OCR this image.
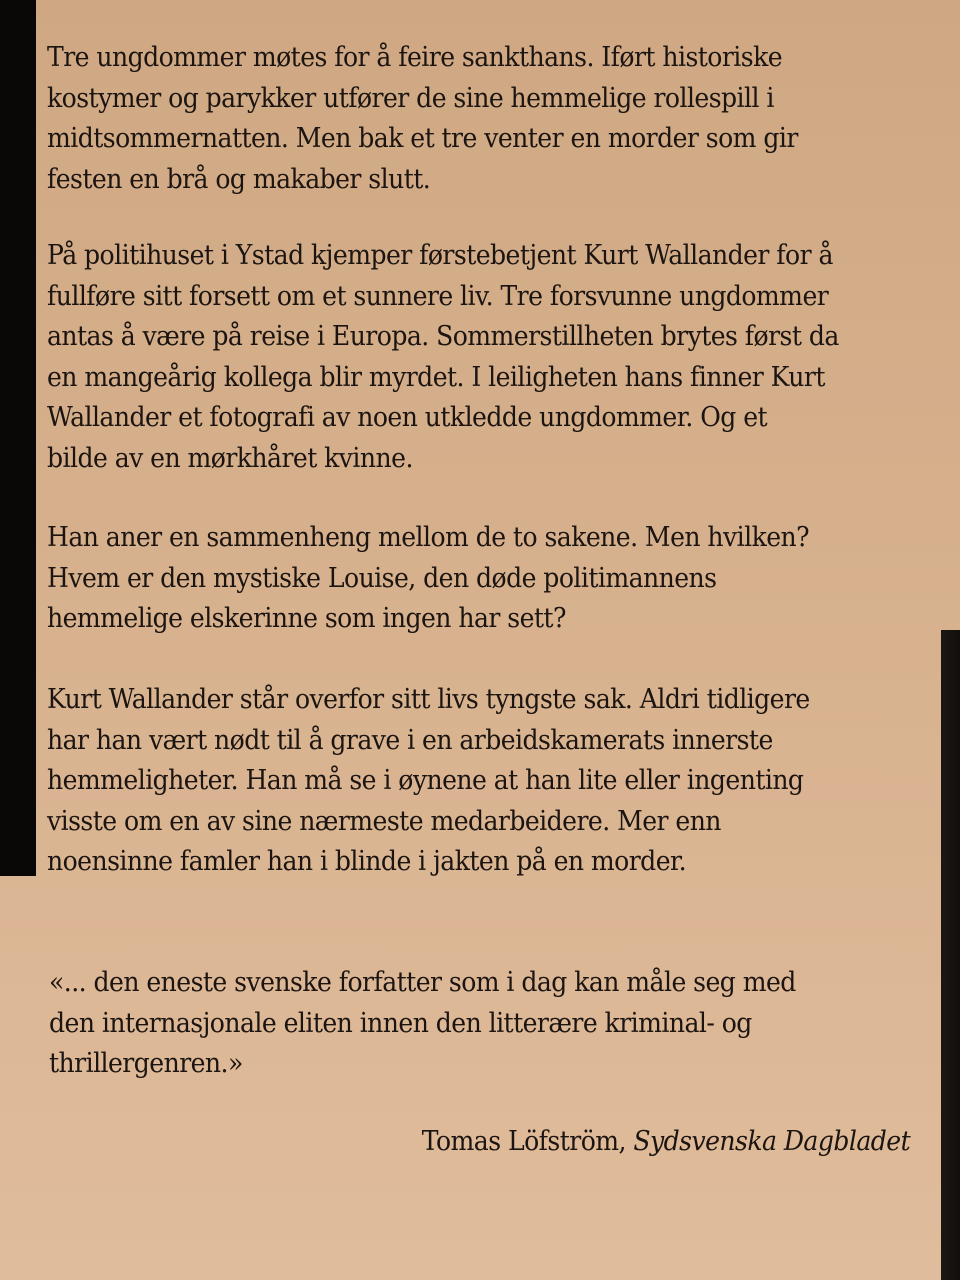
Tre ungdommer møtes for å feire sankthans. Iført historiske
kostymer og parykker utfører de sine hemmelige rollespill i
midtsommernatten. Men bak et tre venter en morder som gir
festen en brå og makaber slutt.
På politihuset i Ystad kjemper førstebetjent Kurt Wallander for å
fullføre sitt forsett om et sunnere liv. Tre forsvunne ungdommer
antas å være på reise i Europa. Sommerstillheten brytes først da
en mangeårig kollega blir myrdet. I leiligheten hans finner Kurt
Wallander et fotografi av noen utkledde ungdommer. Og et
bilde av en mørkhåret kvinne.
Han aner en sammenheng mellom de to sakene. Men hvilken?
Hvem er den mystiske Louise, den døde politimannens
hemmelige elskerinne som ingen har sett?
Kurt Wallander står overfor sitt livs tyngste sak. Aldri tidligere
har han vært nødt til å grave i en arbeidskamerats innerste
hemmeligheter. Han må se i øynene at han lite eller ingenting
visste om en av sine nærmeste medarbeidere. Mer enn
noensinne famler han i blinde i jakten på en morder.
«... den eneste svenske forfatter som i dag kan måle seg med
den internasjonale eliten innen den litterære kriminal- og
thrillergenren.»
Tomas Löfström, Sydsvenska Dagbladet
